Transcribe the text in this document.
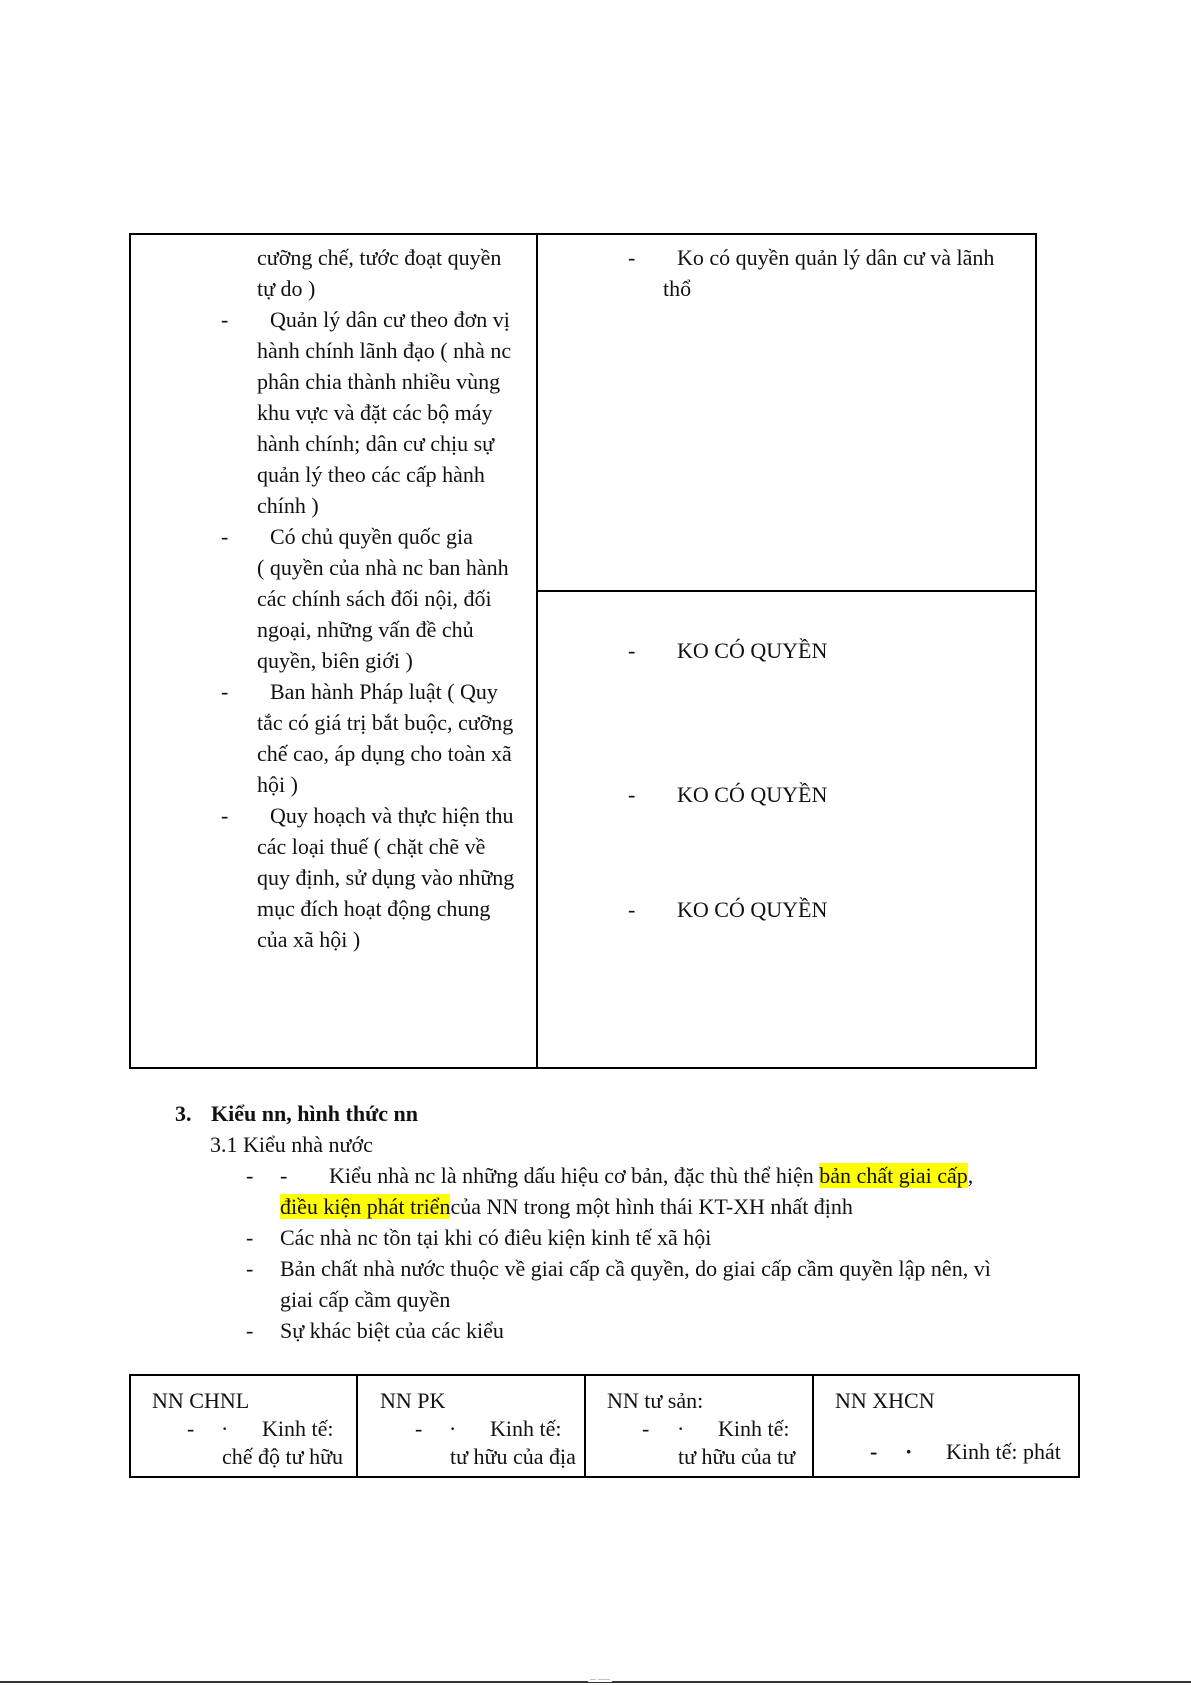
cưỡng chế, tước đoạt quyền
tự do )
- Quản lý dân cư theo đơn vị
hành chính lãnh đạo ( nhà nc
phân chia thành nhiều vùng
khu vực và đặt các bộ máy
hành chính; dân cư chịu sự
quản lý theo các cấp hành
chính )
- Có chủ quyền quốc gia
( quyền của nhà nc ban hành
các chính sách đối nội, đối
ngoại, những vấn đề chủ
quyền, biên giới )
- Ban hành Pháp luật ( Quy
tắc có giá trị bắt buộc, cưỡng
chế cao, áp dụng cho toàn xã
hội )
- Quy hoạch và thực hiện thu
các loại thuế ( chặt chẽ về
quy định, sử dụng vào những
mục đích hoạt động chung
của xã hội )
- Ko có quyền quản lý dân cư và lãnh
thổ
- KO CÓ QUYỀN
- KO CÓ QUYỀN
- KO CÓ QUYỀN
3. Kiểu nn, hình thức nn
3.1 Kiểu nhà nước
- - Kiểu nhà nc là những dấu hiệu cơ bản, đặc thù thể hiện bản chất giai cấp,
điều kiện phát triểncủa NN trong một hình thái KT-XH nhất định
- Các nhà nc tồn tại khi có điêu kiện kinh tế xã hội
- Bản chất nhà nước thuộc về giai cấp cầ quyền, do giai cấp cầm quyền lập nên, vì
giai cấp cầm quyền
- Sự khác biệt của các kiểu
NN CHNL
- · Kinh tế:
chế độ tư hữu
NN PK
- · Kinh tế:
tư hữu của địa
NN tư sản:
- · Kinh tế:
tư hữu của tư
NN XHCN
- · Kinh tế: phát
... ......
